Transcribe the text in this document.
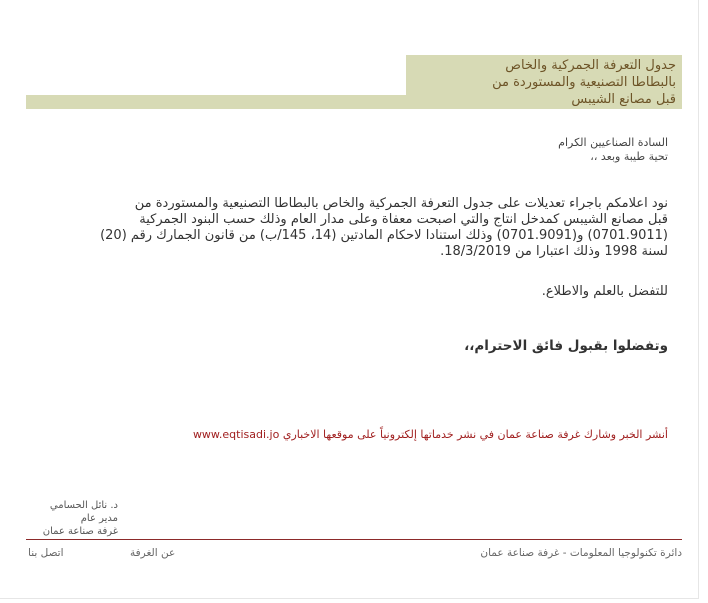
جدول التعرفة الجمركية والخاص
بالبطاطا التصنيعية والمستوردة من
قبل مصانع الشيبس
السادة الصناعيين الكرام
تحية طيبة وبعد ،،
نود اعلامكم باجراء تعديلات على جدول التعرفة الجمركية والخاص بالبطاطا التصنيعية والمستوردة من
قبل مصانع الشيبس كمدخل انتاج والتي اصبحت معفاة وعلى مدار العام وذلك حسب البنود الجمركية
(0701.9011) و(0701.9091) وذلك استنادا لاحكام المادتين (14، 145/ب) من قانون الجمارك رقم (20)
لسنة 1998 وذلك اعتبارا من 18/3/2019.
للتفضل بالعلم والاطلاع.
وتفضلوا بقبول فائق الاحترام،،
أنشر الخبر وشارك غرفة صناعة عمان في نشر خدماتها إلكترونياً على موقعها الاخباري www.eqtisadi.jo
د. نائل الحسامي
مدير عام
غرفة صناعة عمان
دائرة تكنولوجيا المعلومات - غرفة صناعة عمان
عن الغرفة
اتصل بنا
